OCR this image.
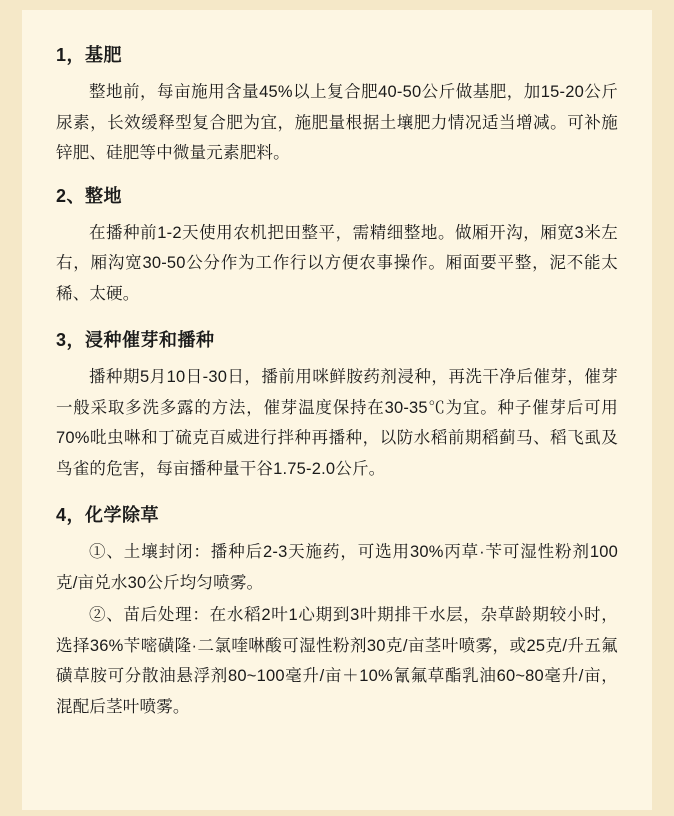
1，基肥

整地前，每亩施用含量45%以上复合肥40-50公斤做基肥，加15-20公斤尿素，长效缓释型复合肥为宜，施肥量根据土壤肥力情况适当增减。可补施锌肥、硅肥等中微量元素肥料。

2、整地

在播种前1-2天使用农机把田整平，需精细整地。做厢开沟，厢宽3米左右，厢沟宽30-50公分作为工作行以方便农事操作。厢面要平整，泥不能太稀、太硬。

3，浸种催芽和播种

播种期5月10日-30日，播前用咪鲜胺药剂浸种，再洗干净后催芽，催芽一般采取多洗多露的方法，催芽温度保持在30-35℃为宜。种子催芽后可用70%吡虫啉和丁硫克百威进行拌种再播种，以防水稻前期稻蓟马、稻飞虱及鸟雀的危害，每亩播种量干谷1.75-2.0公斤。

4，化学除草

①、土壤封闭：播种后2-3天施药，可选用30%丙草·苄可湿性粉剂100克/亩兑水30公斤均匀喷雾。

②、苗后处理：在水稻2叶1心期到3叶期排干水层，杂草龄期较小时，选择36%苄嘧磺隆·二氯喹啉酸可湿性粉剂30克/亩茎叶喷雾，或25克/升五氟磺草胺可分散油悬浮剂80~100毫升/亩＋10%氰氟草酯乳油60~80毫升/亩，混配后茎叶喷雾。
